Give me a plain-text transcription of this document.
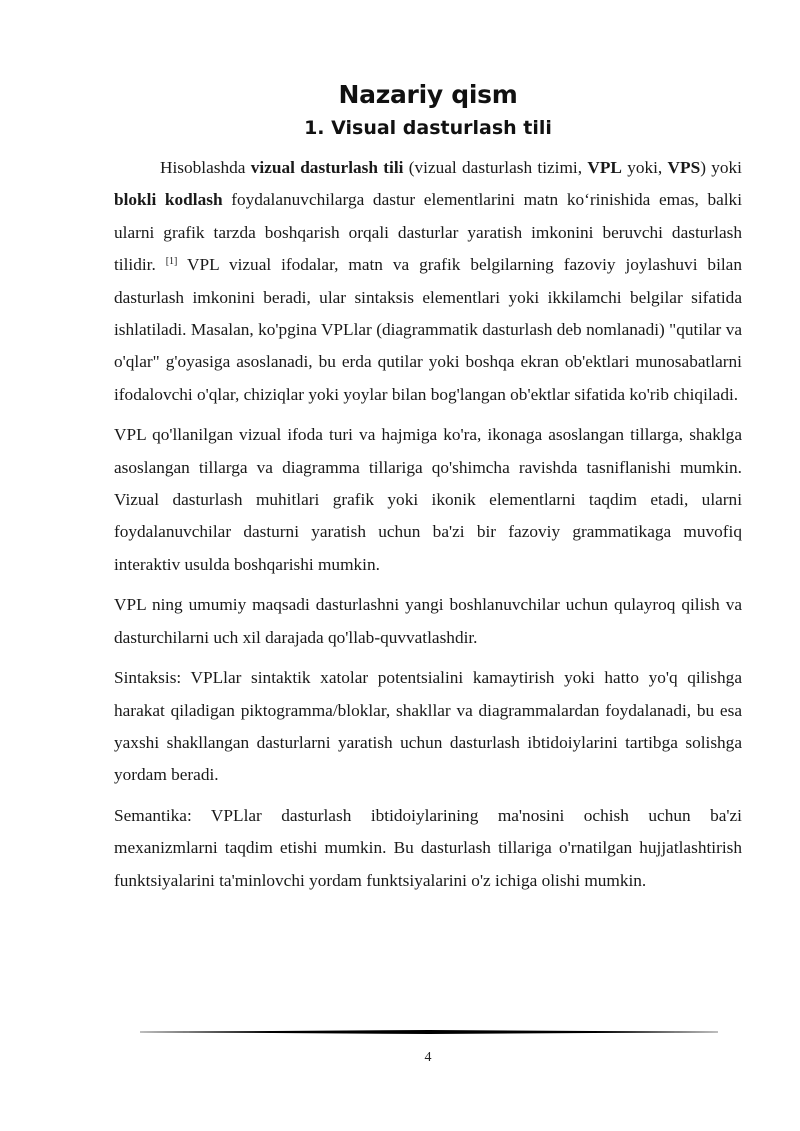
Nazariy qism
1. Visual dasturlash tili

Hisoblashda vizual dasturlash tili (vizual dasturlash tizimi, VPL yoki, VPS) yoki blokli kodlash foydalanuvchilarga dastur elementlarini matn ko‘rinishida emas, balki ularni grafik tarzda boshqarish orqali dasturlar yaratish imkonini beruvchi dasturlash tilidir. [1] VPL vizual ifodalar, matn va grafik belgilarning fazoviy joylashuvi bilan dasturlash imkonini beradi, ular sintaksis elementlari yoki ikkilamchi belgilar sifatida ishlatiladi. Masalan, ko'pgina VPLlar (diagrammatik dasturlash deb nomlanadi) "qutilar va o'qlar" g'oyasiga asoslanadi, bu erda qutilar yoki boshqa ekran ob'ektlari munosabatlarni ifodalovchi o'qlar, chiziqlar yoki yoylar bilan bog'langan ob'ektlar sifatida ko'rib chiqiladi.

VPL qo'llanilgan vizual ifoda turi va hajmiga ko'ra, ikonaga asoslangan tillarga, shaklga asoslangan tillarga va diagramma tillariga qo'shimcha ravishda tasniflanishi mumkin. Vizual dasturlash muhitlari grafik yoki ikonik elementlarni taqdim etadi, ularni foydalanuvchilar dasturni yaratish uchun ba'zi bir fazoviy grammatikaga muvofiq interaktiv usulda boshqarishi mumkin.

VPL ning umumiy maqsadi dasturlashni yangi boshlanuvchilar uchun qulayroq qilish va dasturchilarni uch xil darajada qo'llab-quvvatlashdir.

Sintaksis: VPLlar sintaktik xatolar potentsialini kamaytirish yoki hatto yo'q qilishga harakat qiladigan piktogramma/bloklar, shakllar va diagrammalardan foydalanadi, bu esa yaxshi shakllangan dasturlarni yaratish uchun dasturlash ibtidoiylarini tartibga solishga yordam beradi.

Semantika: VPLlar dasturlash ibtidoiylarining ma'nosini ochish uchun ba'zi mexanizmlarni taqdim etishi mumkin. Bu dasturlash tillariga o'rnatilgan hujjatlashtirish funktsiyalarini ta'minlovchi yordam funktsiyalarini o'z ichiga olishi mumkin.

4
